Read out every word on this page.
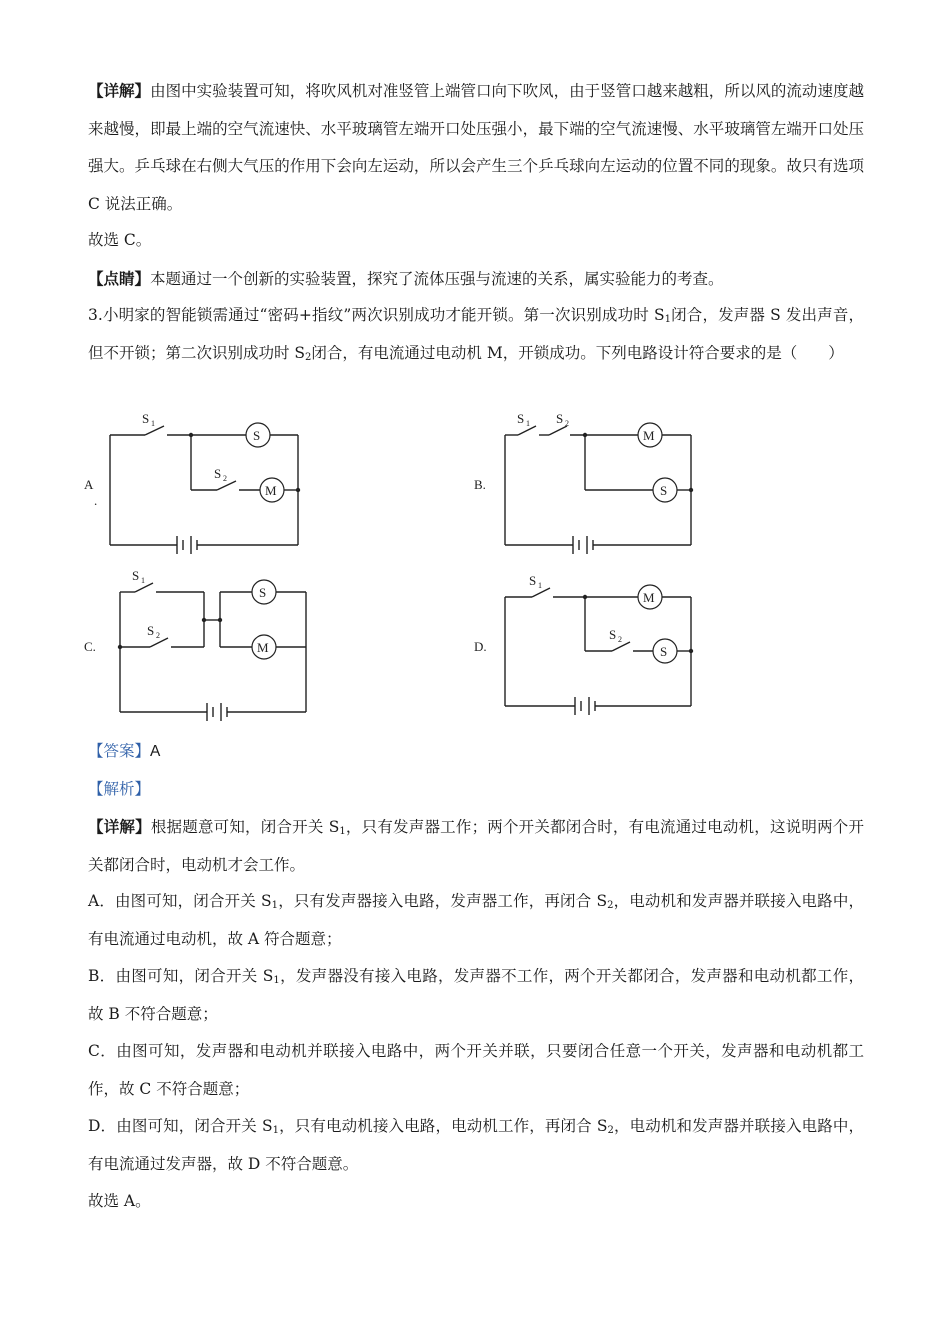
【详解】由图中实验装置可知，将吹风机对准竖管上端管口向下吹风，由于竖管口越来越粗，所以风的流动速度越来越慢，即最上端的空气流速快、水平玻璃管左端开口处压强小，最下端的空气流速慢、水平玻璃管左端开口处压强大。乒乓球在右侧大气压的作用下会向左运动，所以会产生三个乒乓球向左运动的位置不同的现象。故只有选项 C 说法正确。

故选 C。

【点睛】本题通过一个创新的实验装置，探究了流体压强与流速的关系，属实验能力的考查。

3.小明家的智能锁需通过“密码+指纹”两次识别成功才能开锁。第一次识别成功时 $S_1$闭合，发声器 S 发出声音，但不开锁；第二次识别成功时 $S_2$闭合，有电流通过电动机 M，开锁成功。下列电路设计符合要求的是（　　）

A
.
S 1
S
S 2
M	B.
S 1 S 2
M
S
C.
S 1
S 2
S
M	D.
S 1
M
S 2
S

【答案】A

【解析】

【详解】根据题意可知，闭合开关 $S_1$，只有发声器工作；两个开关都闭合时，有电流通过电动机，这说明两个开关都闭合时，电动机才会工作。

A．由图可知，闭合开关 $S_1$，只有发声器接入电路，发声器工作，再闭合 $S_2$，电动机和发声器并联接入电路中，有电流通过电动机，故 A 符合题意；

B．由图可知，闭合开关 $S_1$，发声器没有接入电路，发声器不工作，两个开关都闭合，发声器和电动机都工作，故 B 不符合题意；

C．由图可知，发声器和电动机并联接入电路中，两个开关并联，只要闭合任意一个开关，发声器和电动机都工作，故 C 不符合题意；

D．由图可知，闭合开关 $S_1$，只有电动机接入电路，电动机工作，再闭合 $S_2$，电动机和发声器并联接入电路中，有电流通过发声器，故 D 不符合题意。

故选 A。
